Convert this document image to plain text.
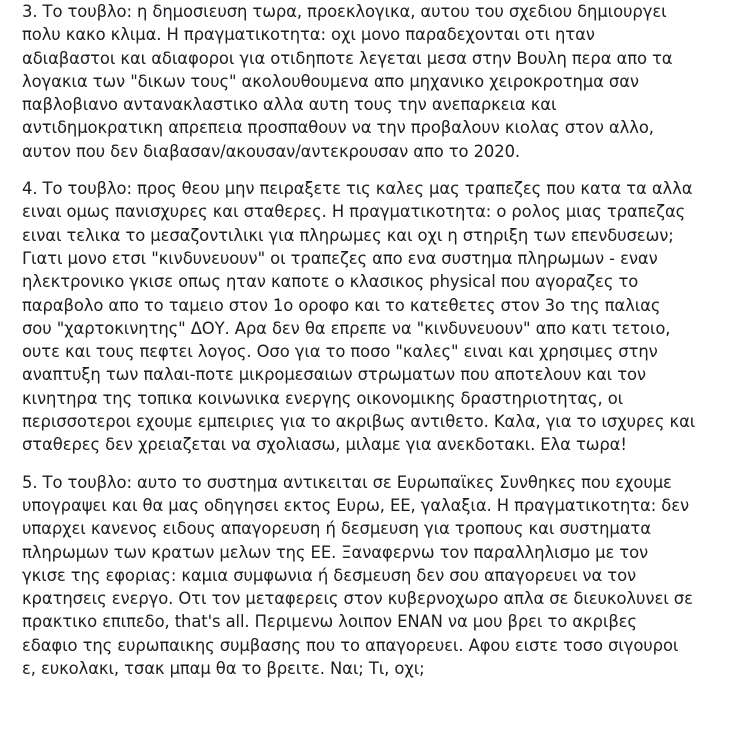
3. Το τουβλο: η δημοσιευση τωρα, προεκλογικα, αυτου του σχεδιου δημιουργει
πολυ κακο κλιμα. Η πραγματικοτητα: οχι μονο παραδεχονται οτι ηταν
αδιαβαστοι και αδιαφοροι για οτιδηποτε λεγεται μεσα στην Βουλη περα απο τα
λογακια των "δικων τους" ακολουθουμενα απο μηχανικο χειροκροτημα σαν
παβλοβιανο αντανακλαστικο αλλα αυτη τους την ανεπαρκεια και
αντιδημοκρατικη απρεπεια προσπαθουν να την προβαλουν κιολας στον αλλο,
αυτον που δεν διαβασαν/ακουσαν/αντεκρουσαν απο το 2020.
4. Το τουβλο: προς θεου μην πειραξετε τις καλες μας τραπεζες που κατα τα αλλα
ειναι ομως πανισχυρες και σταθερες. Η πραγματικοτητα: ο ρολος μιας τραπεζας
ειναι τελικα το μεσαζοντιλικι για πληρωμες και οχι η στηριξη των επενδυσεων;
Γιατι μονο ετσι "κινδυνευουν" οι τραπεζες απο ενα συστημα πληρωμων - εναν
ηλεκτρονικο γκισε οπως ηταν καποτε ο κλασικος physical που αγοραζες το
παραβολο απο το ταμειο στον 1ο οροφο και το κατεθετες στον 3ο της παλιας
σου "χαρτοκινητης" ΔΟΥ. Αρα δεν θα επρεπε να "κινδυνευουν" απο κατι τετοιο,
ουτε και τους πεφτει λογος. Οσο για το ποσο "καλες" ειναι και χρησιμες στην
αναπτυξη των παλαι-ποτε μικρομεσαιων στρωματων που αποτελουν και τον
κινητηρα της τοπικα κοινωνικα ενεργης οικονομικης δραστηριοτητας, οι
περισσοτεροι εχουμε εμπειριες για το ακριβως αντιθετο. Καλα, για το ισχυρες και
σταθερες δεν χρειαζεται να σχολιασω, μιλαμε για ανεκδοτακι. Ελα τωρα!
5. Το τουβλο: αυτο το συστημα αντικειται σε Ευρωπαϊκες Συνθηκες που εχουμε
υπογραψει και θα μας οδηγησει εκτος Ευρω, ΕΕ, γαλαξια. Η πραγματικοτητα: δεν
υπαρχει κανενος ειδους απαγορευση ή δεσμευση για τροπους και συστηματα
πληρωμων των κρατων μελων της ΕΕ. Ξαναφερνω τον παραλληλισμο με τον
γκισε της εφοριας: καμια συμφωνια ή δεσμευση δεν σου απαγορευει να τον
κρατησεις ενεργο. Οτι τον μεταφερεις στον κυβερνοχωρο απλα σε διευκολυνει σε
πρακτικο επιπεδο, that's all. Περιμενω λοιπον ΕΝΑΝ να μου βρει το ακριβες
εδαφιο της ευρωπαικης συμβασης που το απαγορευει. Αφου ειστε τοσο σιγουροι
ε, ευκολακι, τσακ μπαμ θα το βρειτε. Ναι; Τι, οχι;
